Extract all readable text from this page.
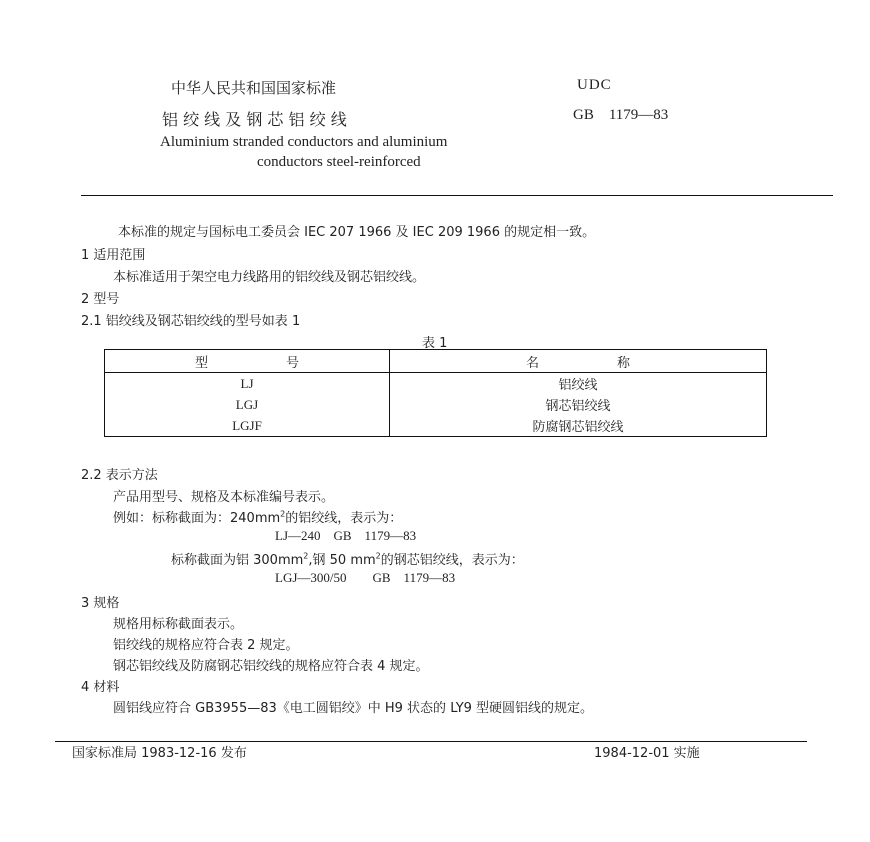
中华人民共和国国家标准	UDC
铝 绞 线 及 钢 芯 铝 绞 线	GB    1179—83
Aluminium stranded conductors and aluminium
conductors steel-reinforced
本标准的规定与国标电工委员会 IEC 207 1966 及 IEC 209 1966 的规定相一致。
1 适用范围
本标准适用于架空电力线路用的铝绞线及钢芯铝绞线。
2 型号
2.1 铝绞线及钢芯铝绞线的型号如表 1
表 1
型　　　　　　号	名　　　　　　称
LJ	铝绞线
LGJ	钢芯铝绞线
LGJF	防腐钢芯铝绞线
2.2 表示方法
产品用型号、规格及本标准编号表示。
例如：标称截面为：$240mm^2$的铝绞线，表示为：
LJ—240    GB    1179—83
标称截面为铝 $300mm^2$,钢 50 $mm^2$的钢芯铝绞线，表示为：
LGJ—300/50        GB    1179—83
3 规格
规格用标称截面表示。
铝绞线的规格应符合表 2 规定。
钢芯铝绞线及防腐钢芯铝绞线的规格应符合表 4 规定。
4 材料
圆铝线应符合 GB3955—83《电工圆铝绞》中 H9 状态的 LY9 型硬圆铝线的规定。
国家标准局 1983-12-16 发布	1984-12-01 实施
